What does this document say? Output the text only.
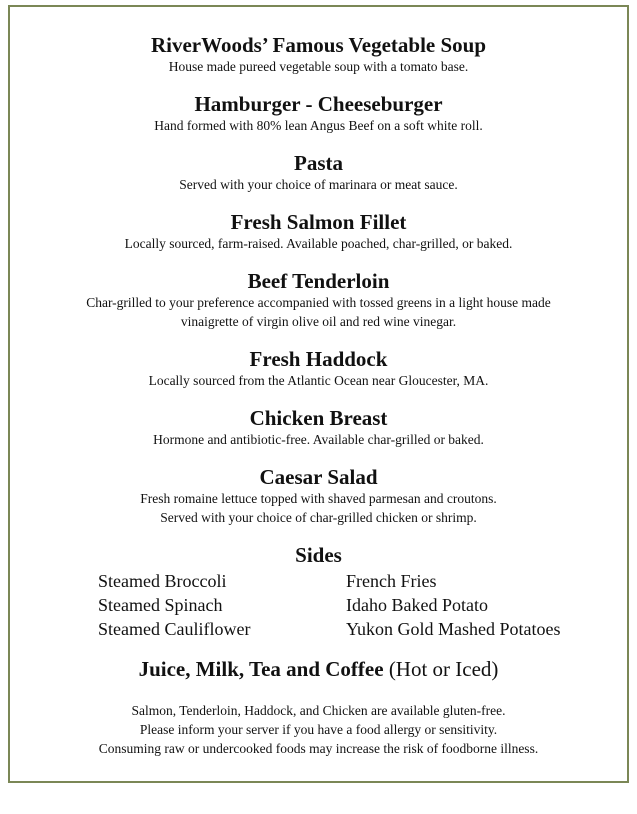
RiverWoods’ Famous Vegetable Soup
House made pureed vegetable soup with a tomato base.
Hamburger - Cheeseburger
Hand formed with 80% lean Angus Beef on a soft white roll.
Pasta
Served with your choice of marinara or meat sauce.
Fresh Salmon Fillet
Locally sourced, farm-raised. Available poached, char-grilled, or baked.
Beef Tenderloin
Char-grilled to your preference accompanied with tossed greens in a light house made
vinaigrette of virgin olive oil and red wine vinegar.
Fresh Haddock
Locally sourced from the Atlantic Ocean near Gloucester, MA.
Chicken Breast
Hormone and antibiotic-free. Available char-grilled or baked.
Caesar Salad
Fresh romaine lettuce topped with shaved parmesan and croutons.
Served with your choice of char-grilled chicken or shrimp.
Sides
Steamed Broccoli
Steamed Spinach
Steamed Cauliflower
French Fries
Idaho Baked Potato
Yukon Gold Mashed Potatoes
Juice, Milk, Tea and Coffee (Hot or Iced)
Salmon, Tenderloin, Haddock, and Chicken are available gluten-free.
Please inform your server if you have a food allergy or sensitivity.
Consuming raw or undercooked foods may increase the risk of foodborne illness.
